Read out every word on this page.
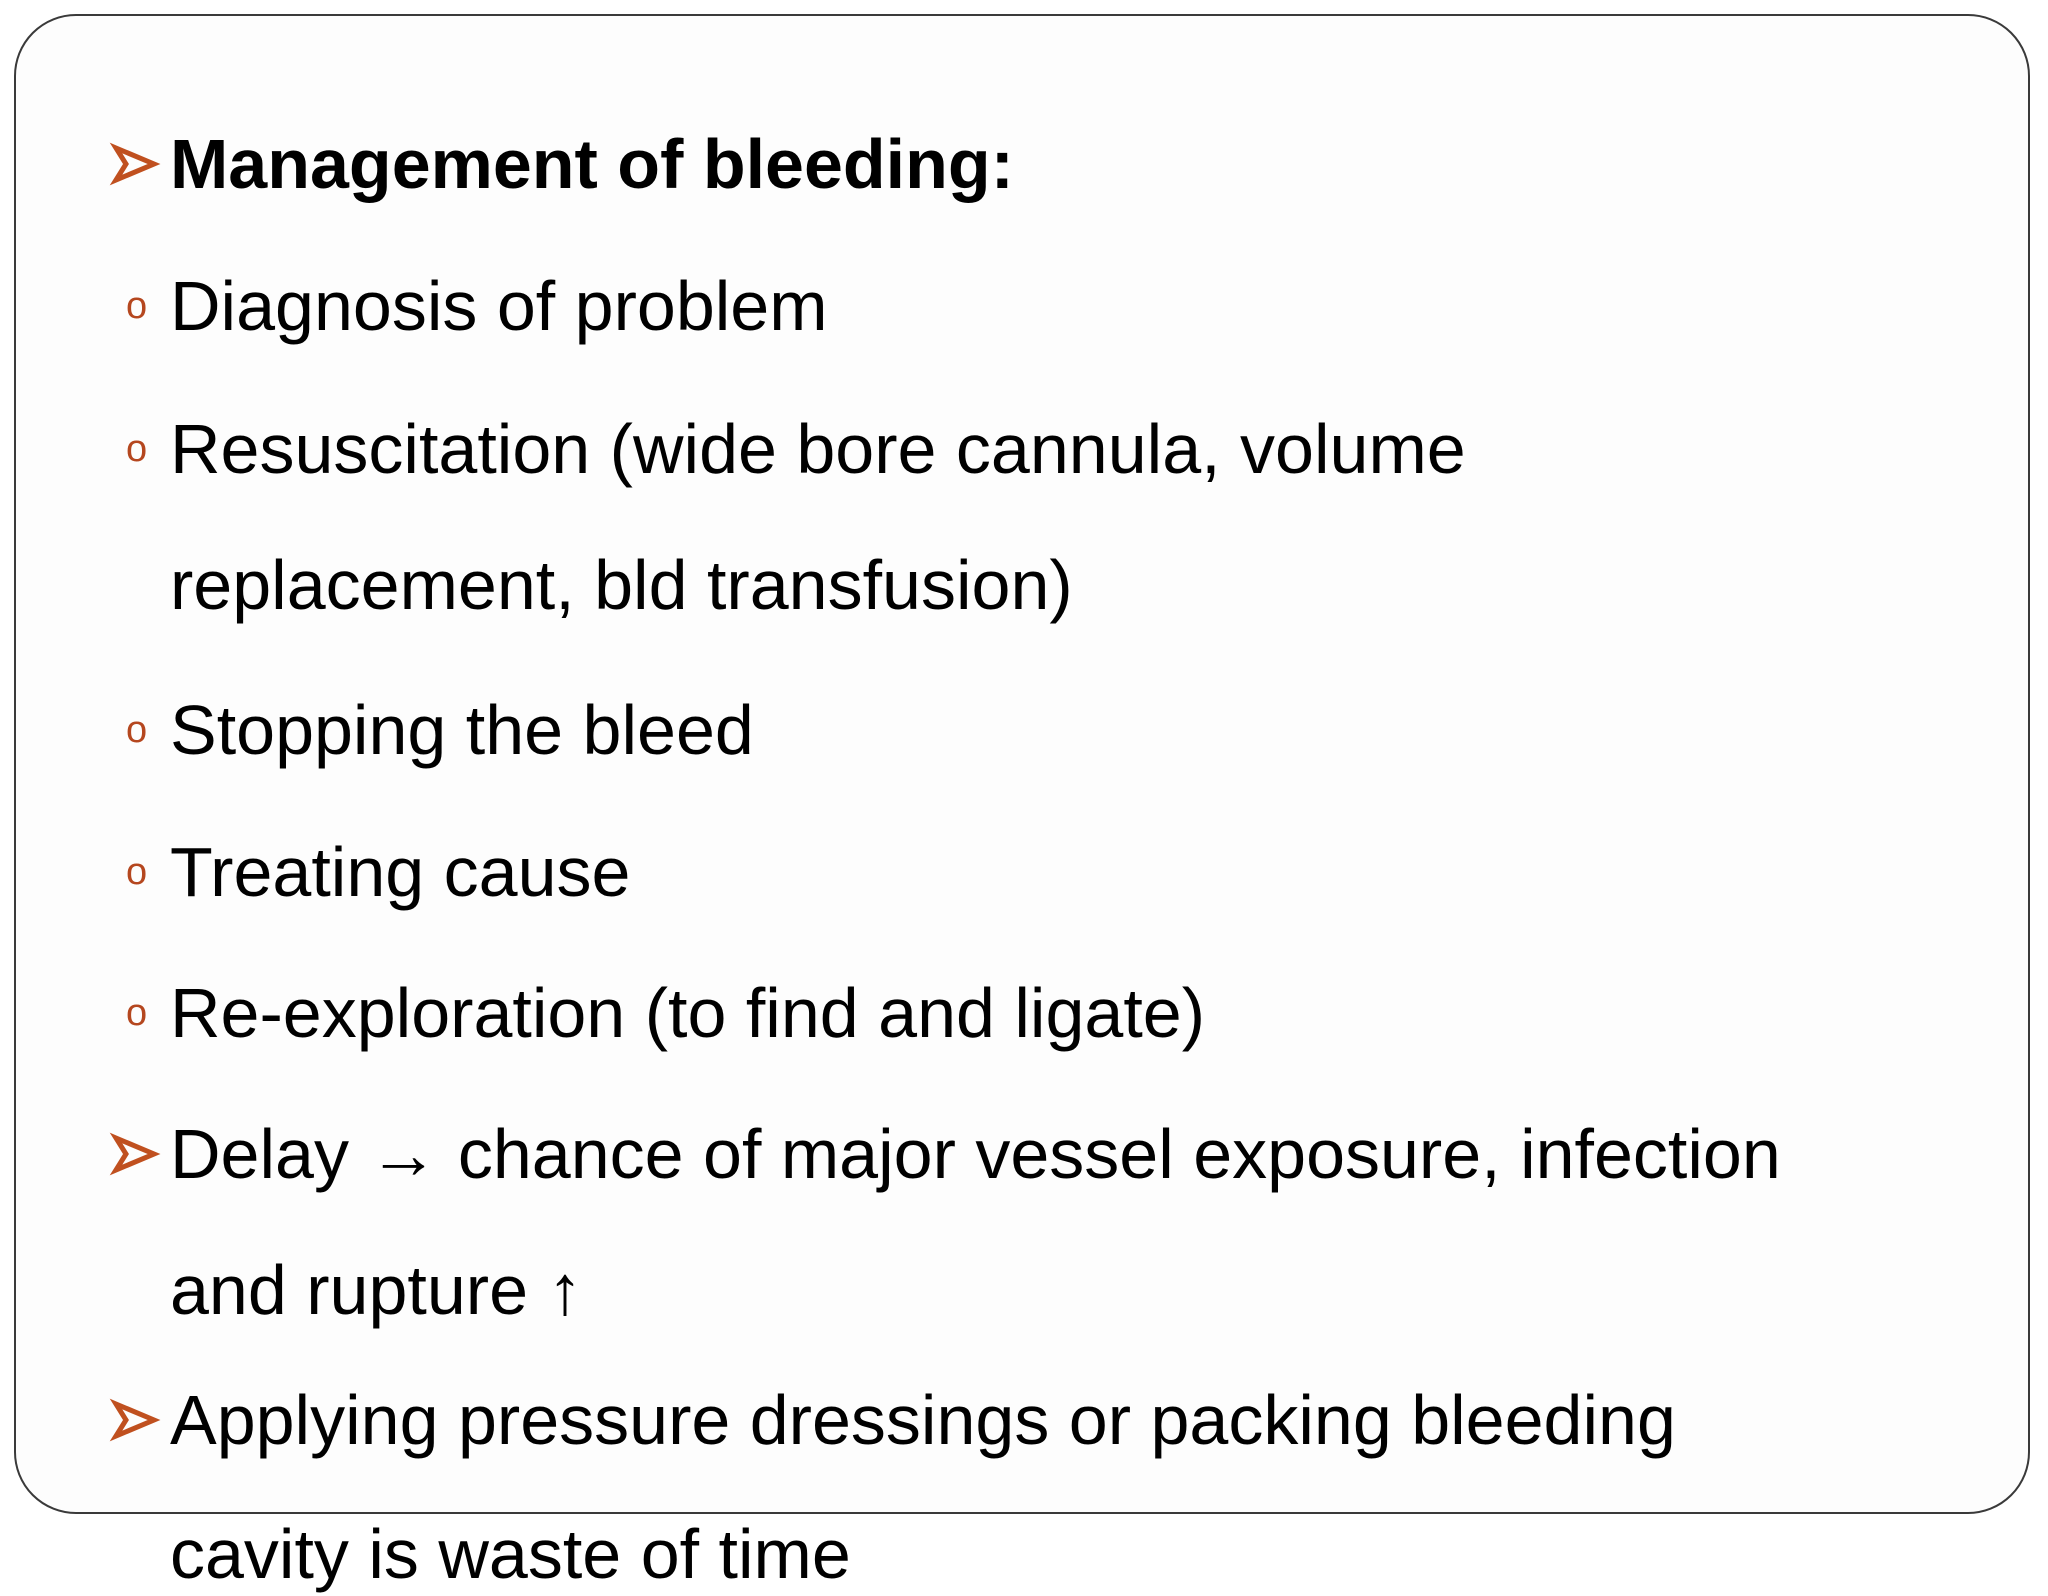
Management of bleeding:
o Diagnosis of problem
o Resuscitation (wide bore cannula, volume
replacement, bld transfusion)
o Stopping the bleed
o Treating cause
o Re-exploration (to find and ligate)
Delay → chance of major vessel exposure, infection
and rupture ↑
Applying pressure dressings or packing bleeding
cavity is waste of time
